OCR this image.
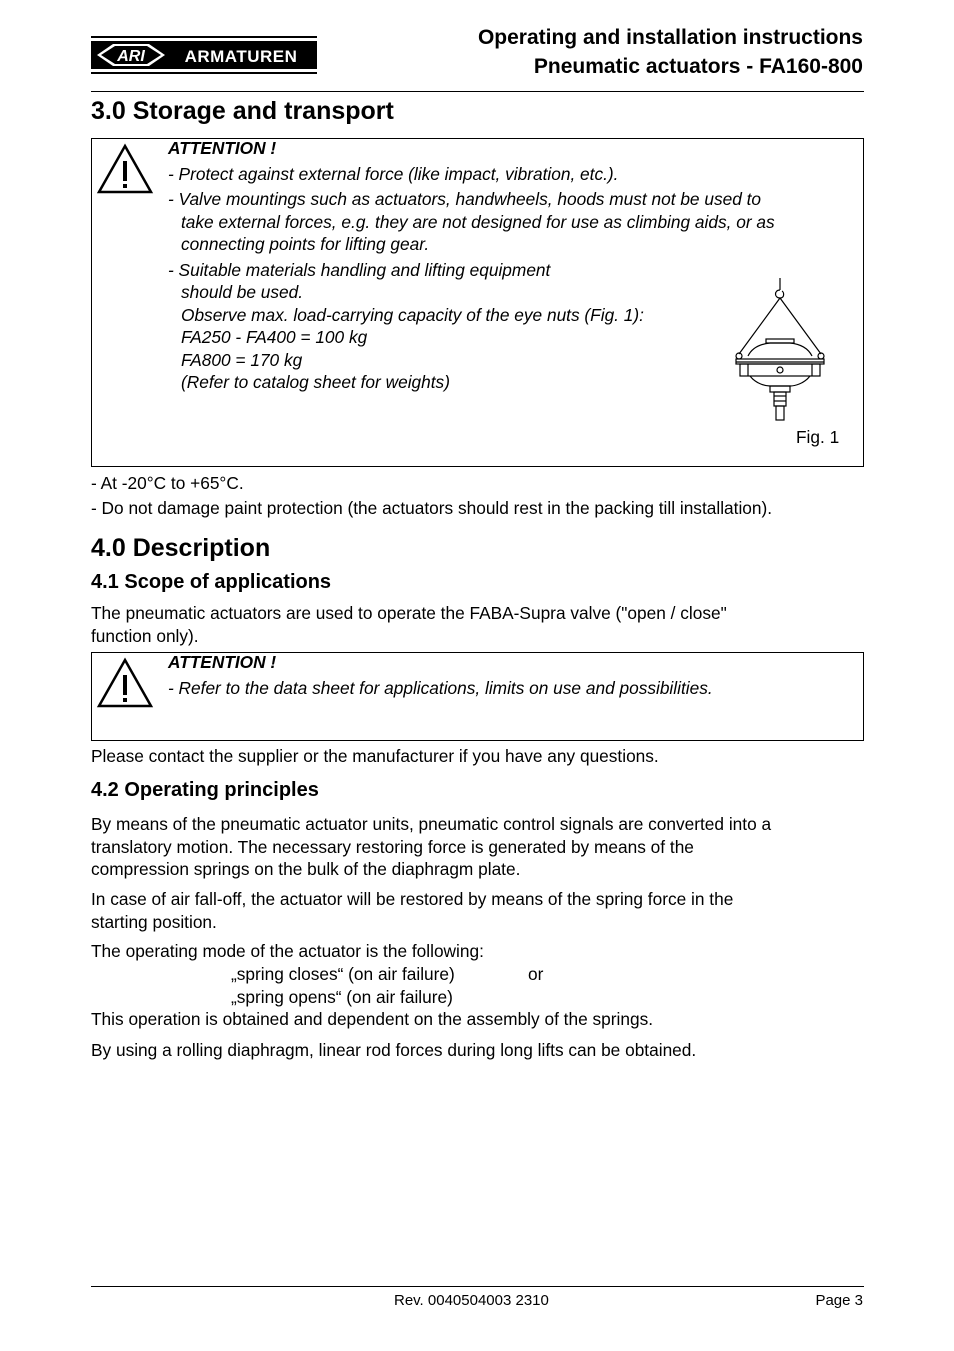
ARI ARMATUREN
Operating and installation instructions
Pneumatic actuators - FA160-800
3.0 Storage and transport
ATTENTION !
- Protect against external force (like impact, vibration, etc.).
- Valve mountings such as actuators, handwheels, hoods must not be used to
take external forces, e.g. they are not designed for use as climbing aids, or as
connecting points for lifting gear.
- Suitable materials handling and lifting equipment
should be used.
Observe max. load-carrying capacity of the eye nuts (Fig. 1):
FA250 - FA400 = 100 kg
FA800 = 170 kg
(Refer to catalog sheet for weights)
Fig. 1
- At -20°C to +65°C.
- Do not damage paint protection (the actuators should rest in the packing till installation).
4.0 Description
4.1 Scope of applications
The pneumatic actuators are used to operate the FABA-Supra valve ("open / close"
function only).
ATTENTION !
- Refer to the data sheet for applications, limits on use and possibilities.
Please contact the supplier or the manufacturer if you have any questions.
4.2 Operating principles
By means of the pneumatic actuator units, pneumatic control signals are converted into a
translatory motion. The necessary restoring force is generated by means of the
compression springs on the bulk of the diaphragm plate.
In case of air fall-off, the actuator will be restored by means of the spring force in the
starting position.
The operating mode of the actuator is the following:
„spring closes“ (on air failure)	or
„spring opens“ (on air failure)
This operation is obtained and dependent on the assembly of the springs.
By using a rolling diaphragm, linear rod forces during long lifts can be obtained.
Rev. 0040504003 2310	Page 3
